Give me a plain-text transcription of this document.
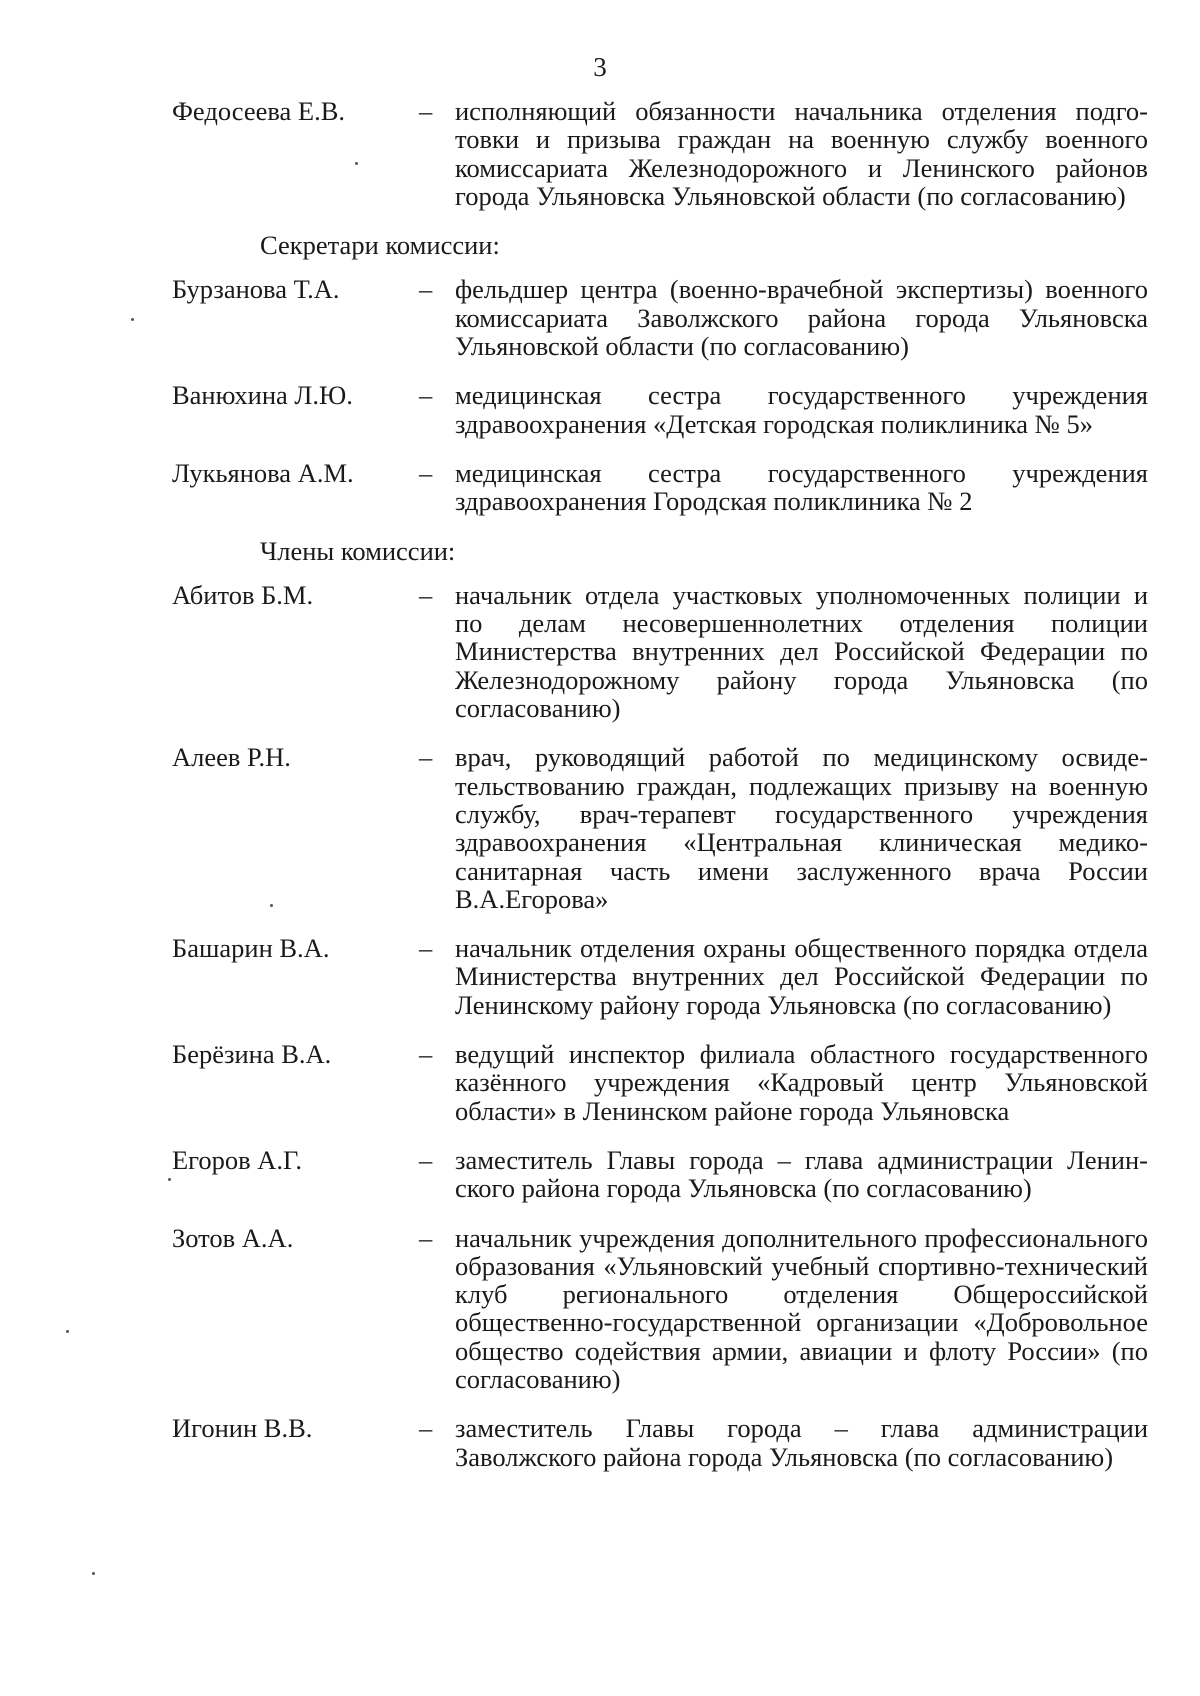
3
Федосеева Е.В.	– исполняющий обязанности начальника отделения подготовки и призыва граждан на военную службу военного комиссариата Железнодорожного и Ленинского районов города Ульяновска Ульяновской области (по согласованию)
Секретари комиссии:
Бурзанова Т.А.	– фельдшер центра (военно-врачебной экспертизы) военного комиссариата Заволжского района города Ульяновска Ульяновской области (по согласованию)
Ванюхина Л.Ю.	– медицинская сестра государственного учреждения здравоохранения «Детская городская поликлиника № 5»
Лукьянова А.М.	– медицинская сестра государственного учреждения здравоохранения Городская поликлиника № 2
Члены комиссии:
Абитов Б.М.	– начальник отдела участковых уполномоченных полиции и по делам несовершеннолетних отделения полиции Министерства внутренних дел Российской Федерации по Железнодорожному району города Ульяновска (по согласованию)
Алеев Р.Н.	– врач, руководящий работой по медицинскому освидетельствованию граждан, подлежащих призыву на военную службу, врач-терапевт государственного учреждения здравоохранения «Центральная клиническая медико-санитарная часть имени заслуженного врача России В.А.Егорова»
Башарин В.А.	– начальник отделения охраны общественного порядка отдела Министерства внутренних дел Российской Федерации по Ленинскому району города Ульяновска (по согласованию)
Берёзина В.А.	– ведущий инспектор филиала областного государственного казённого учреждения «Кадровый центр Ульяновской области» в Ленинском районе города Ульяновска
Егоров А.Г.	– заместитель Главы города – глава администрации Ленинского района города Ульяновска (по согласованию)
Зотов А.А.	– начальник учреждения дополнительного профессионального образования «Ульяновский учебный спортивно-технический клуб регионального отделения Общероссийской общественно-государственной организации «Добровольное общество содействия армии, авиации и флоту России» (по согласованию)
Игонин В.В.	– заместитель Главы города – глава администрации Заволжского района города Ульяновска (по согласованию)
